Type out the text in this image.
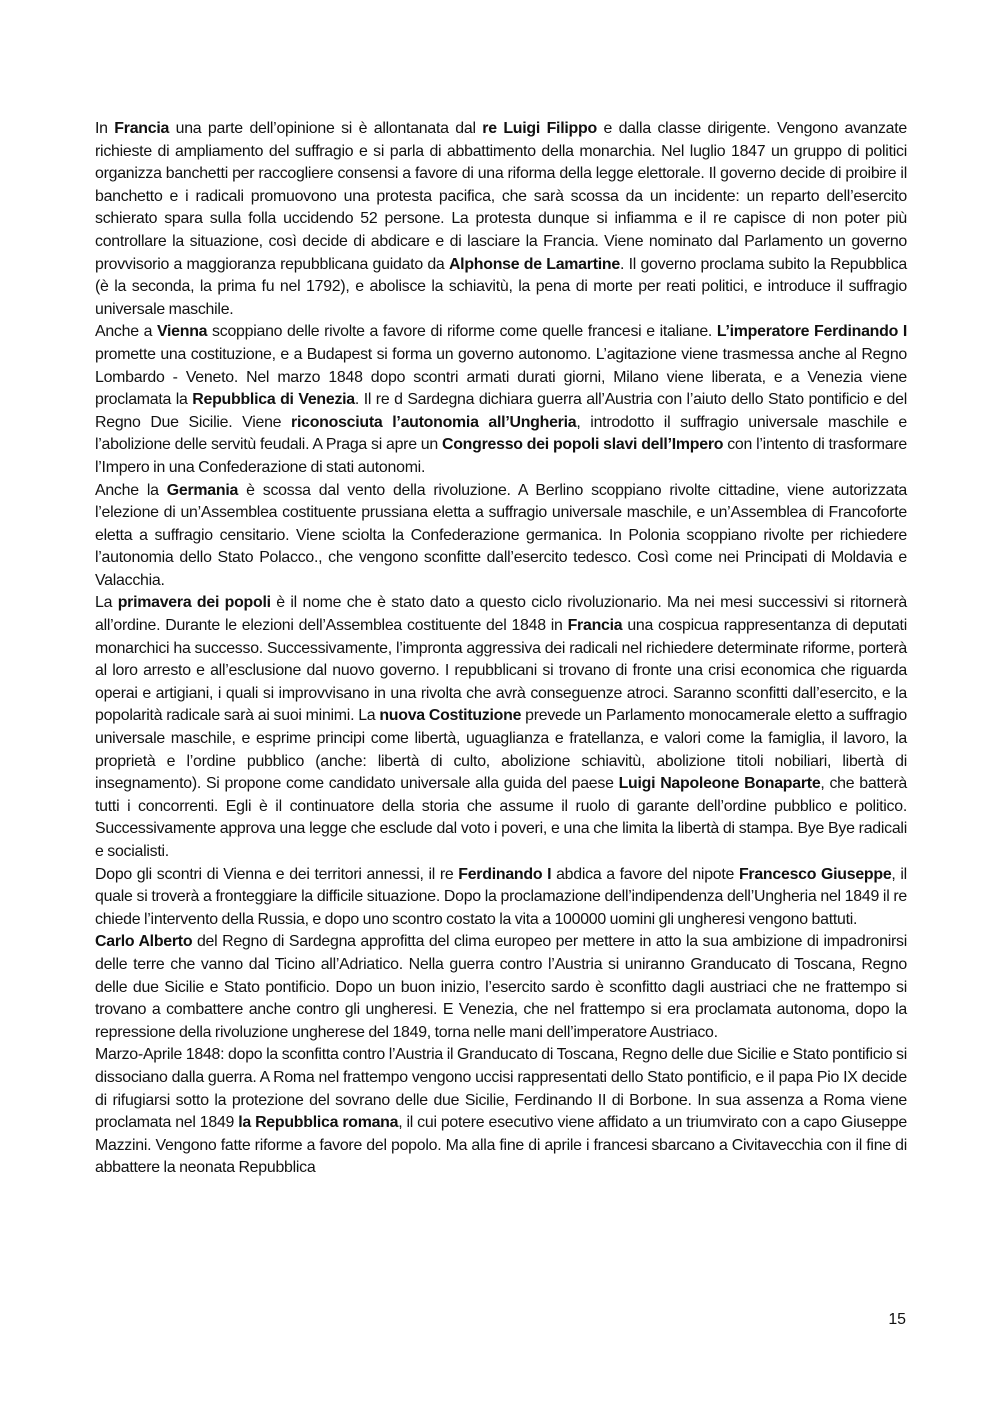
In Francia una parte dell’opinione si è allontanata dal re Luigi Filippo e dalla classe dirigente. Vengono avanzate richieste di ampliamento del suffragio e si parla di abbattimento della monarchia. Nel luglio 1847 un gruppo di politici organizza banchetti per raccogliere consensi a favore di una riforma della legge elettorale. Il governo decide di proibire il banchetto e i radicali promuovono una protesta pacifica, che sarà scossa da un incidente: un reparto dell’esercito schierato spara sulla folla uccidendo 52 persone. La protesta dunque si infiamma e il re capisce di non poter più controllare la situazione, così decide di abdicare e di lasciare la Francia. Viene nominato dal Parlamento un governo provvisorio a maggioranza repubblicana guidato da Alphonse de Lamartine. Il governo proclama subito la Repubblica (è la seconda, la prima fu nel 1792), e abolisce la schiavitù, la pena di morte per reati politici, e introduce il suffragio universale maschile.

Anche a Vienna scoppiano delle rivolte a favore di riforme come quelle francesi e italiane. L’imperatore Ferdinando I promette una costituzione, e a Budapest si forma un governo autonomo. L’agitazione viene trasmessa anche al Regno Lombardo - Veneto. Nel marzo 1848 dopo scontri armati durati giorni, Milano viene liberata, e a Venezia viene proclamata la Repubblica di Venezia. Il re d Sardegna dichiara guerra all’Austria con l’aiuto dello Stato pontificio e del Regno Due Sicilie. Viene riconosciuta l’autonomia all’Ungheria, introdotto il suffragio universale maschile e l’abolizione delle servitù feudali. A Praga si apre un Congresso dei popoli slavi dell’Impero con l’intento di trasformare l’Impero in una Confederazione di stati autonomi.

Anche la Germania è scossa dal vento della rivoluzione. A Berlino scoppiano rivolte cittadine, viene autorizzata l’elezione di un’Assemblea costituente prussiana eletta a suffragio universale maschile, e un’Assemblea di Francoforte eletta a suffragio censitario. Viene sciolta la Confederazione germanica. In Polonia scoppiano rivolte per richiedere l’autonomia dello Stato Polacco., che vengono sconfitte dall’esercito tedesco. Così come nei Principati di Moldavia e Valacchia.

La primavera dei popoli è il nome che è stato dato a questo ciclo rivoluzionario. Ma nei mesi successivi si ritornerà all’ordine. Durante le elezioni dell’Assemblea costituente del 1848 in Francia una cospicua rappresentanza di deputati monarchici ha successo. Successivamente, l’impronta aggressiva dei radicali nel richiedere determinate riforme, porterà al loro arresto e all’esclusione dal nuovo governo. I repubblicani si trovano di fronte una crisi economica che riguarda operai e artigiani, i quali si improvvisano in una rivolta che avrà conseguenze atroci. Saranno sconfitti dall’esercito, e la popolarità radicale sarà ai suoi minimi. La nuova Costituzione prevede un Parlamento monocamerale eletto a suffragio universale maschile, e esprime principi come libertà, uguaglianza e fratellanza, e valori come la famiglia, il lavoro, la proprietà e l’ordine pubblico (anche: libertà di culto, abolizione schiavitù, abolizione titoli nobiliari, libertà di insegnamento). Si propone come candidato universale alla guida del paese Luigi Napoleone Bonaparte, che batterà tutti i concorrenti. Egli è il continuatore della storia che assume il ruolo di garante dell’ordine pubblico e politico. Successivamente approva una legge che esclude dal voto i poveri, e una che limita la libertà di stampa. Bye Bye radicali e socialisti.

Dopo gli scontri di Vienna e dei territori annessi, il re Ferdinando I abdica a favore del nipote Francesco Giuseppe, il quale si troverà a fronteggiare la difficile situazione. Dopo la proclamazione dell’indipendenza dell’Ungheria nel 1849 il re chiede l’intervento della Russia, e dopo uno scontro costato la vita a 100000 uomini gli ungheresi vengono battuti.

Carlo Alberto del Regno di Sardegna approfitta del clima europeo per mettere in atto la sua ambizione di impadronirsi delle terre che vanno dal Ticino all’Adriatico. Nella guerra contro l’Austria si uniranno Granducato di Toscana, Regno delle due Sicilie e Stato pontificio. Dopo un buon inizio, l’esercito sardo è sconfitto dagli austriaci che ne frattempo si trovano a combattere anche contro gli ungheresi. E Venezia, che nel frattempo si era proclamata autonoma, dopo la repressione della rivoluzione ungherese del 1849, torna nelle mani dell’imperatore Austriaco.

Marzo-Aprile 1848: dopo la sconfitta contro l’Austria il Granducato di Toscana, Regno delle due Sicilie e Stato pontificio si dissociano dalla guerra. A Roma nel frattempo vengono uccisi rappresentati dello Stato pontificio, e il papa Pio IX decide di rifugiarsi sotto la protezione del sovrano delle due Sicilie, Ferdinando II di Borbone. In sua assenza a Roma viene proclamata nel 1849 la Repubblica romana, il cui potere esecutivo viene affidato a un triumvirato con a capo Giuseppe Mazzini. Vengono fatte riforme a favore del popolo. Ma alla fine di aprile i francesi sbarcano a Civitavecchia con il fine di abbattere la neonata Repubblica

15
